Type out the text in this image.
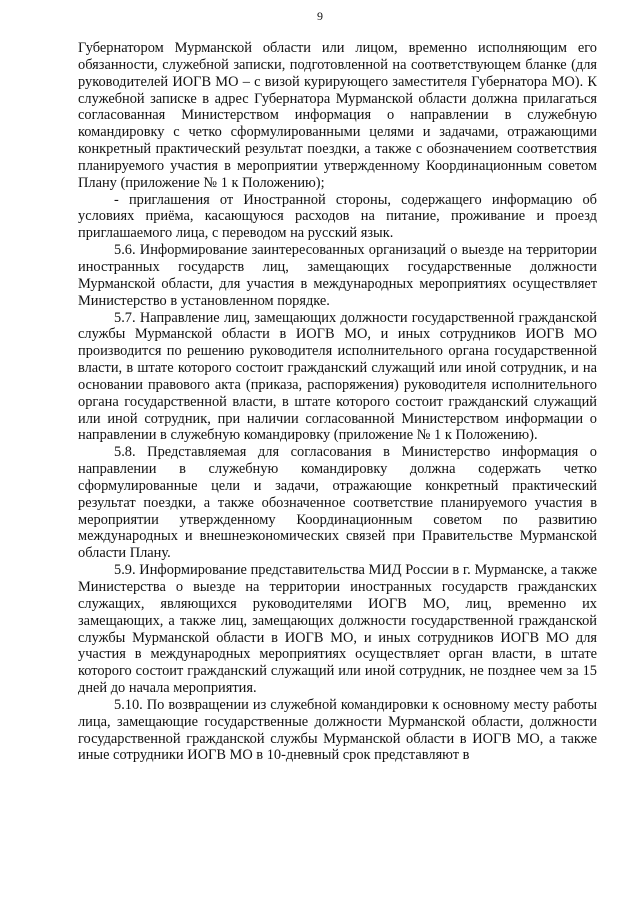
9

Губернатором Мурманской области или лицом, временно исполняющим его обязанности, служебной записки, подготовленной на соответствующем бланке (для руководителей ИОГВ МО – с визой курирующего заместителя Губернатора МО). К служебной записке в адрес Губернатора Мурманской области должна прилагаться согласованная Министерством информация о направлении в служебную командировку с четко сформулированными целями и задачами, отражающими конкретный практический результат поездки, а также с обозначением соответствия планируемого участия в мероприятии утвержденному Координационным советом Плану (приложение № 1 к Положению);

- приглашения от Иностранной стороны, содержащего информацию об условиях приёма, касающуюся расходов на питание, проживание и проезд приглашаемого лица, с переводом на русский язык.

5.6. Информирование заинтересованных организаций о выезде на территории иностранных государств лиц, замещающих государственные должности Мурманской области, для участия в международных мероприятиях осуществляет Министерство в установленном порядке.

5.7. Направление лиц, замещающих должности государственной гражданской службы Мурманской области в ИОГВ МО, и иных сотрудников ИОГВ МО производится по решению руководителя исполнительного органа государственной власти, в штате которого состоит гражданский служащий или иной сотрудник, и на основании правового акта (приказа, распоряжения) руководителя исполнительного органа государственной власти, в штате которого состоит гражданский служащий или иной сотрудник, при наличии согласованной Министерством информации о направлении в служебную командировку (приложение № 1 к Положению).

5.8. Представляемая для согласования в Министерство информация о направлении в служебную командировку должна содержать четко сформулированные цели и задачи, отражающие конкретный практический результат поездки, а также обозначенное соответствие планируемого участия в мероприятии утвержденному Координационным советом по развитию международных и внешнеэкономических связей при Правительстве Мурманской области Плану.

5.9. Информирование представительства МИД России в г. Мурманске, а также Министерства о выезде на территории иностранных государств гражданских служащих, являющихся руководителями ИОГВ МО, лиц, временно их замещающих, а также лиц, замещающих должности государственной гражданской службы Мурманской области в ИОГВ МО, и иных сотрудников ИОГВ МО для участия в международных мероприятиях осуществляет орган власти, в штате которого состоит гражданский служащий или иной сотрудник, не позднее чем за 15 дней до начала мероприятия.

5.10. По возвращении из служебной командировки к основному месту работы лица, замещающие государственные должности Мурманской области, должности государственной гражданской службы Мурманской области в ИОГВ МО, а также иные сотрудники ИОГВ МО в 10-дневный срок представляют в
